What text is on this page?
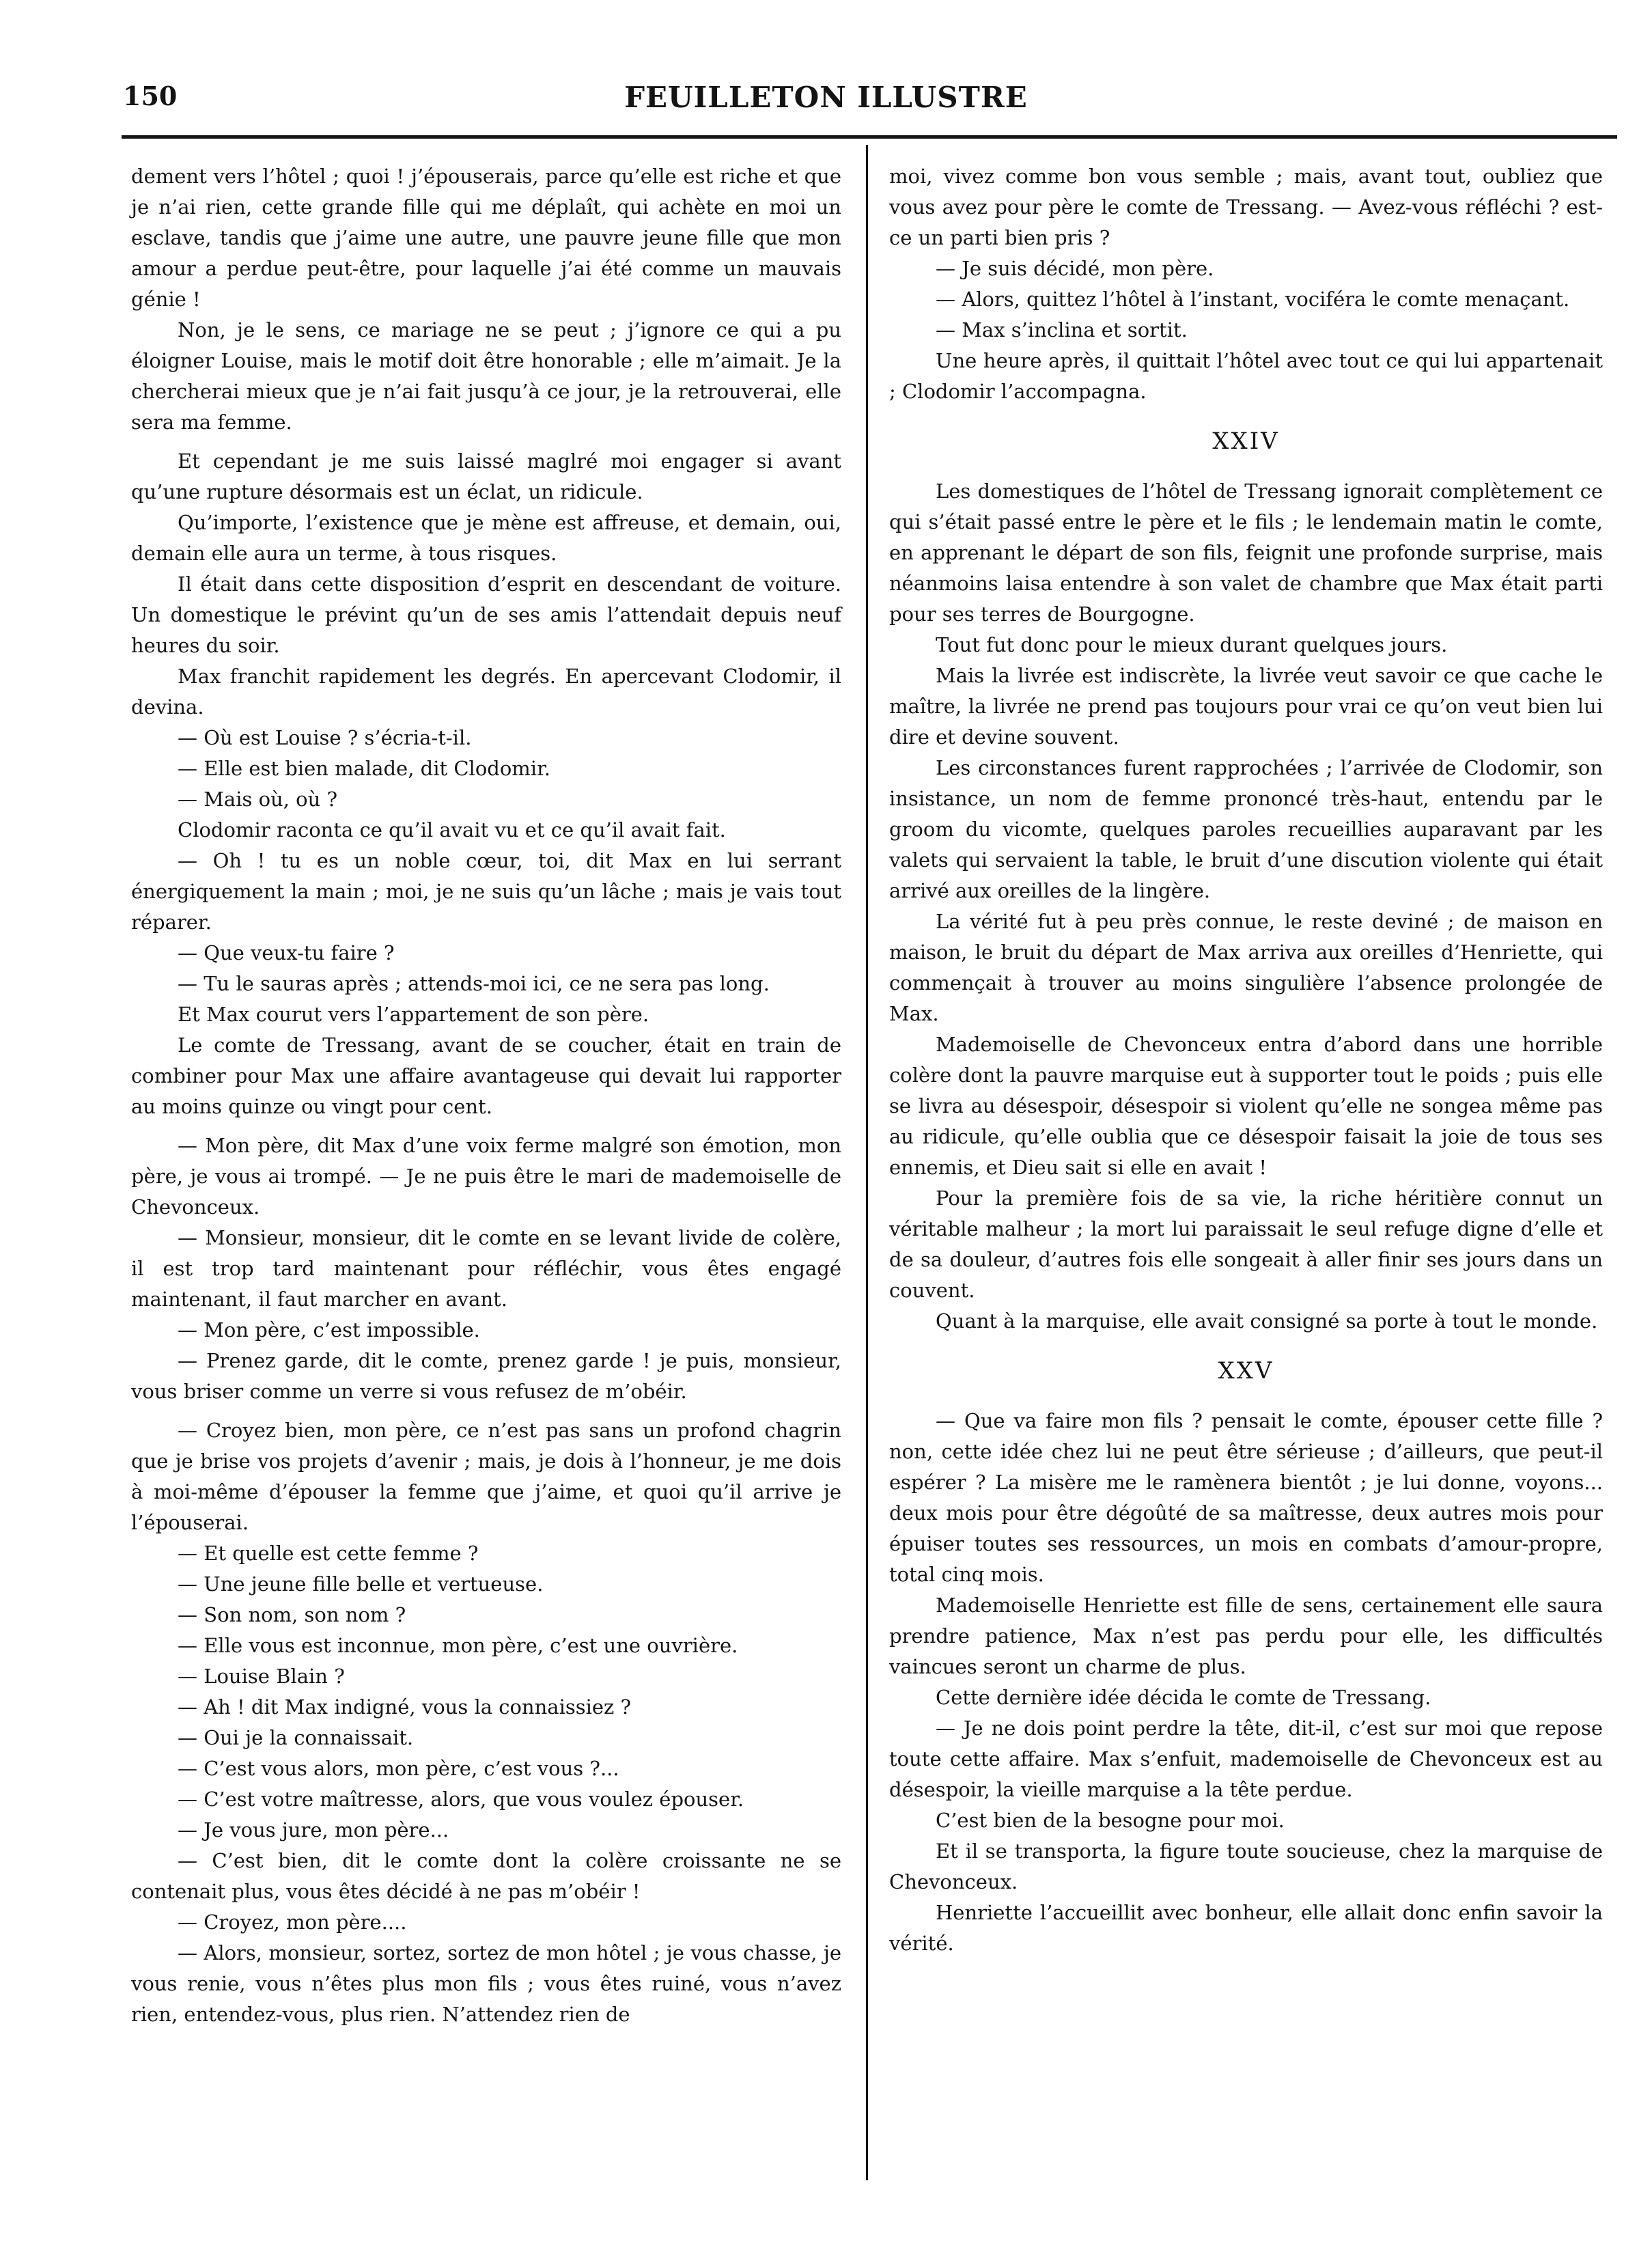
150	FEUILLETON ILLUSTRE

dement vers l’hôtel ; quoi ! j’épouserais, parce qu’elle est riche et que je n’ai rien, cette grande fille qui me déplaît, qui achète en moi un esclave, tandis que j’aime une autre, une pauvre jeune fille que mon amour a perdue peut-être, pour laquelle j’ai été comme un mauvais génie !

Non, je le sens, ce mariage ne se peut ; j’ignore ce qui a pu éloigner Louise, mais le motif doit être honorable ; elle m’aimait. Je la chercherai mieux que je n’ai fait jusqu’à ce jour, je la retrouverai, elle sera ma femme.

Et cependant je me suis laissé maglré moi engager si avant qu’une rupture désormais est un éclat, un ridicule.

Qu’importe, l’existence que je mène est affreuse, et demain, oui, demain elle aura un terme, à tous risques.

Il était dans cette disposition d’esprit en descendant de voiture. Un domestique le prévint qu’un de ses amis l’attendait depuis neuf heures du soir.

Max franchit rapidement les degrés. En apercevant Clodomir, il devina.

— Où est Louise ? s’écria-t-il.

— Elle est bien malade, dit Clodomir.

— Mais où, où ?

Clodomir raconta ce qu’il avait vu et ce qu’il avait fait.

— Oh ! tu es un noble cœur, toi, dit Max en lui serrant énergiquement la main ; moi, je ne suis qu’un lâche ; mais je vais tout réparer.

— Que veux-tu faire ?

— Tu le sauras après ; attends-moi ici, ce ne sera pas long.

Et Max courut vers l’appartement de son père.

Le comte de Tressang, avant de se coucher, était en train de combiner pour Max une affaire avantageuse qui devait lui rapporter au moins quinze ou vingt pour cent.

— Mon père, dit Max d’une voix ferme malgré son émotion, mon père, je vous ai trompé. — Je ne puis être le mari de mademoiselle de Chevonceux.

— Monsieur, monsieur, dit le comte en se levant livide de colère, il est trop tard maintenant pour réfléchir, vous êtes engagé maintenant, il faut marcher en avant.

— Mon père, c’est impossible.

— Prenez garde, dit le comte, prenez garde ! je puis, monsieur, vous briser comme un verre si vous refusez de m’obéir.

— Croyez bien, mon père, ce n’est pas sans un profond chagrin que je brise vos projets d’avenir ; mais, je dois à l’honneur, je me dois à moi-même d’épouser la femme que j’aime, et quoi qu’il arrive je l’épouserai.

— Et quelle est cette femme ?

— Une jeune fille belle et vertueuse.

— Son nom, son nom ?

— Elle vous est inconnue, mon père, c’est une ouvrière.

— Louise Blain ?

— Ah ! dit Max indigné, vous la connaissiez ?

— Oui je la connaissait.

— C’est vous alors, mon père, c’est vous ?...

— C’est votre maîtresse, alors, que vous voulez épouser.

— Je vous jure, mon père...

— C’est bien, dit le comte dont la colère croissante ne se contenait plus, vous êtes décidé à ne pas m’obéir !

— Croyez, mon père....

— Alors, monsieur, sortez, sortez de mon hôtel ; je vous chasse, je vous renie, vous n’êtes plus mon fils ; vous êtes ruiné, vous n’avez rien, entendez-vous, plus rien. N’attendez rien de

moi, vivez comme bon vous semble ; mais, avant tout, oubliez que vous avez pour père le comte de Tressang. — Avez-vous réfléchi ? est-ce un parti bien pris ?

— Je suis décidé, mon père.

— Alors, quittez l’hôtel à l’instant, vociféra le comte menaçant.

— Max s’inclina et sortit.

Une heure après, il quittait l’hôtel avec tout ce qui lui appartenait ; Clodomir l’accompagna.

XXIV

Les domestiques de l’hôtel de Tressang ignorait complètement ce qui s’était passé entre le père et le fils ; le lendemain matin le comte, en apprenant le départ de son fils, feignit une profonde surprise, mais néanmoins laisa entendre à son valet de chambre que Max était parti pour ses terres de Bourgogne.

Tout fut donc pour le mieux durant quelques jours.

Mais la livrée est indiscrète, la livrée veut savoir ce que cache le maître, la livrée ne prend pas toujours pour vrai ce qu’on veut bien lui dire et devine souvent.

Les circonstances furent rapprochées ; l’arrivée de Clodomir, son insistance, un nom de femme prononcé très-haut, entendu par le groom du vicomte, quelques paroles recueillies auparavant par les valets qui servaient la table, le bruit d’une discution violente qui était arrivé aux oreilles de la lingère.

La vérité fut à peu près connue, le reste deviné ; de maison en maison, le bruit du départ de Max arriva aux oreilles d’Henriette, qui commençait à trouver au moins singulière l’absence prolongée de Max.

Mademoiselle de Chevonceux entra d’abord dans une horrible colère dont la pauvre marquise eut à supporter tout le poids ; puis elle se livra au désespoir, désespoir si violent qu’elle ne songea même pas au ridicule, qu’elle oublia que ce désespoir faisait la joie de tous ses ennemis, et Dieu sait si elle en avait !

Pour la première fois de sa vie, la riche héritière connut un véritable malheur ; la mort lui paraissait le seul refuge digne d’elle et de sa douleur, d’autres fois elle songeait à aller finir ses jours dans un couvent.

Quant à la marquise, elle avait consigné sa porte à tout le monde.

XXV

— Que va faire mon fils ? pensait le comte, épouser cette fille ? non, cette idée chez lui ne peut être sérieuse ; d’ailleurs, que peut-il espérer ? La misère me le ramènera bientôt ; je lui donne, voyons... deux mois pour être dégoûté de sa maîtresse, deux autres mois pour épuiser toutes ses ressources, un mois en combats d’amour-propre, total cinq mois.

Mademoiselle Henriette est fille de sens, certainement elle saura prendre patience, Max n’est pas perdu pour elle, les difficultés vaincues seront un charme de plus.

Cette dernière idée décida le comte de Tressang.

— Je ne dois point perdre la tête, dit-il, c’est sur moi que repose toute cette affaire. Max s’enfuit, mademoiselle de Chevonceux est au désespoir, la vieille marquise a la tête perdue.

C’est bien de la besogne pour moi.

Et il se transporta, la figure toute soucieuse, chez la marquise de Chevonceux.

Henriette l’accueillit avec bonheur, elle allait donc enfin savoir la vérité.
